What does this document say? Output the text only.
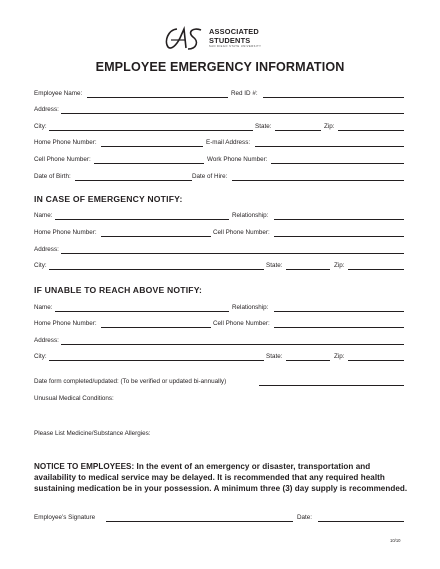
ASSOCIATED
STUDENTS
SAN DIEGO STATE UNIVERSITY
EMPLOYEE EMERGENCY INFORMATION
Employee Name:	Red ID #:
Address:
City:	State:	Zip:
Home Phone Number:	E-mail Address:
Cell Phone Number:	Work Phone Number:
Date of Birth:	Date of Hire:
IN CASE OF EMERGENCY NOTIFY:
Name:	Relationship:
Home Phone Number:	Cell Phone Number:
Address:
City:	State:	Zip:
IF UNABLE TO REACH ABOVE NOTIFY:
Name:	Relationship:
Home Phone Number:	Cell Phone Number:
Address:
City:	State:	Zip:
Date form completed/updated: (To be verified or updated bi-annually)
Unusual Medical Conditions:
Please List Medicine/Substance Allergies:
NOTICE TO EMPLOYEES: In the event of an emergency or disaster, transportation and availability to medical service may be delayed. It is recommended that any required health sustaining medication be in your possession. A minimum three (3) day supply is recommended.
Employee’s Signature	Date:
10/10
